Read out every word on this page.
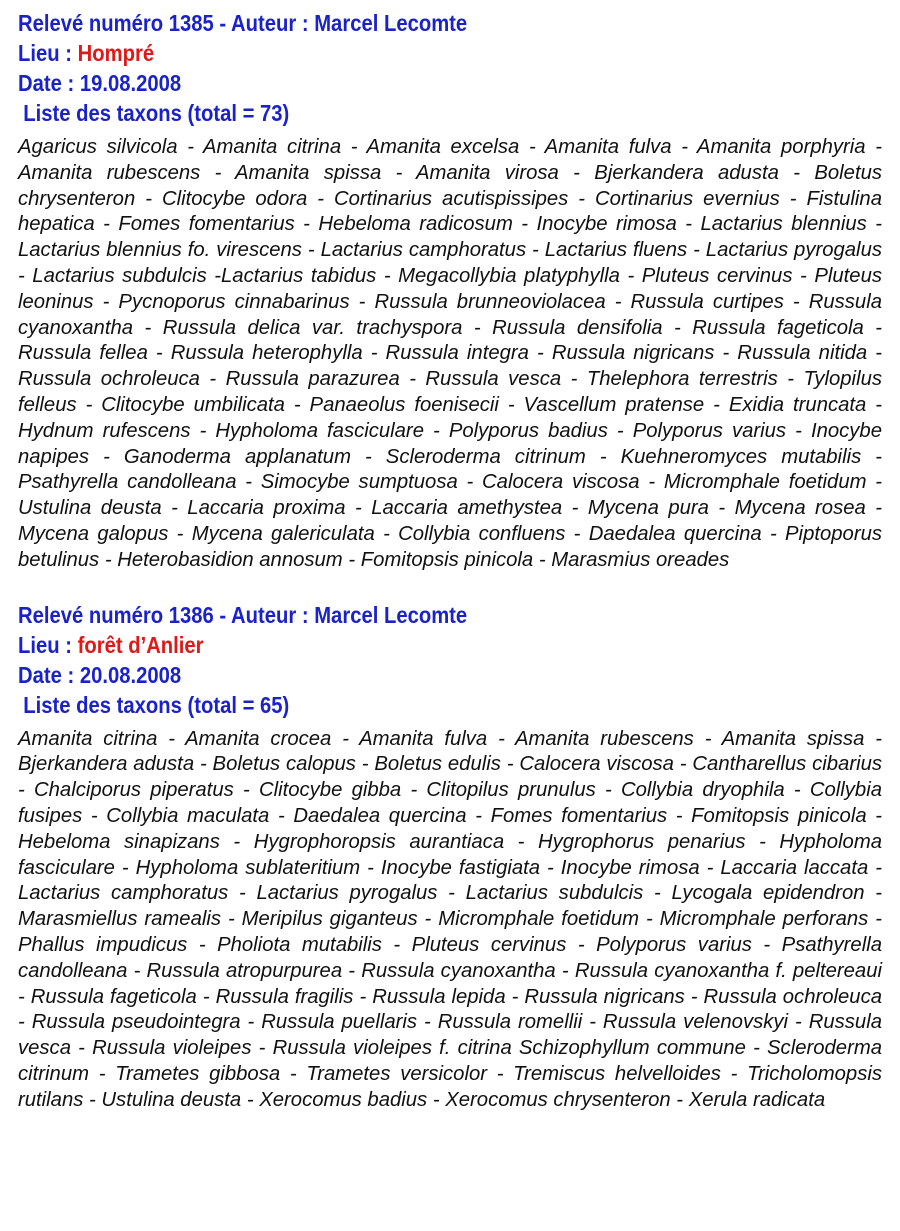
Relevé numéro 1385 - Auteur : Marcel Lecomte
Lieu : Hompré
Date : 19.08.2008
Liste des taxons (total = 73)
Agaricus silvicola - Amanita citrina - Amanita excelsa - Amanita fulva - Amanita porphyria - Amanita rubescens - Amanita spissa - Amanita virosa - Bjerkandera adusta - Boletus chrysenteron - Clitocybe odora - Cortinarius acutispissipes - Cortinarius evernius - Fistulina hepatica - Fomes fomentarius - Hebeloma radicosum - Inocybe rimosa - Lactarius blennius - Lactarius blennius fo. virescens - Lactarius camphoratus - Lactarius fluens - Lactarius pyrogalus - Lactarius subdulcis -Lactarius tabidus - Megacollybia platyphylla - Pluteus cervinus - Pluteus leoninus - Pycnoporus cinnabarinus - Russula brunneoviolacea - Russula curtipes - Russula cyanoxantha - Russula delica var. trachyspora - Russula densifolia - Russula fageticola - Russula fellea - Russula heterophylla - Russula integra - Russula nigricans - Russula nitida - Russula ochroleuca - Russula parazurea - Russula vesca - Thelephora terrestris - Tylopilus felleus - Clitocybe umbilicata - Panaeolus foenisecii - Vascellum pratense - Exidia truncata - Hydnum rufescens - Hypholoma fasciculare - Polyporus badius - Polyporus varius - Inocybe napipes - Ganoderma applanatum - Scleroderma citrinum - Kuehneromyces mutabilis - Psathyrella candolleana - Simocybe sumptuosa - Calocera viscosa - Micromphale foetidum - Ustulina deusta - Laccaria proxima - Laccaria amethystea - Mycena pura - Mycena rosea - Mycena galopus - Mycena galericulata - Collybia confluens - Daedalea quercina - Piptoporus betulinus - Heterobasidion annosum - Fomitopsis pinicola - Marasmius oreades
Relevé numéro 1386 - Auteur : Marcel Lecomte
Lieu : forêt d’Anlier
Date : 20.08.2008
Liste des taxons (total = 65)
Amanita citrina - Amanita crocea - Amanita fulva - Amanita rubescens - Amanita spissa - Bjerkandera adusta - Boletus calopus - Boletus edulis - Calocera viscosa - Cantharellus cibarius - Chalciporus piperatus - Clitocybe gibba - Clitopilus prunulus - Collybia dryophila - Collybia fusipes - Collybia maculata - Daedalea quercina - Fomes fomentarius - Fomitopsis pinicola - Hebeloma sinapizans - Hygrophoropsis aurantiaca - Hygrophorus penarius - Hypholoma fasciculare - Hypholoma sublateritium - Inocybe fastigiata - Inocybe rimosa - Laccaria laccata - Lactarius camphoratus - Lactarius pyrogalus - Lactarius subdulcis - Lycogala epidendron - Marasmiellus ramealis - Meripilus giganteus - Micromphale foetidum - Micromphale perforans - Phallus impudicus - Pholiota mutabilis - Pluteus cervinus - Polyporus varius - Psathyrella candolleana - Russula atropurpurea - Russula cyanoxantha - Russula cyanoxantha f. peltereaui - Russula fageticola - Russula fragilis - Russula lepida - Russula nigricans - Russula ochroleuca - Russula pseudointegra - Russula puellaris - Russula romellii - Russula velenovskyi - Russula vesca - Russula violeipes - Russula violeipes f. citrina Schizophyllum commune - Scleroderma citrinum - Trametes gibbosa - Trametes versicolor - Tremiscus helvelloides - Tricholomopsis rutilans - Ustulina deusta - Xerocomus badius - Xerocomus chrysenteron - Xerula radicata
